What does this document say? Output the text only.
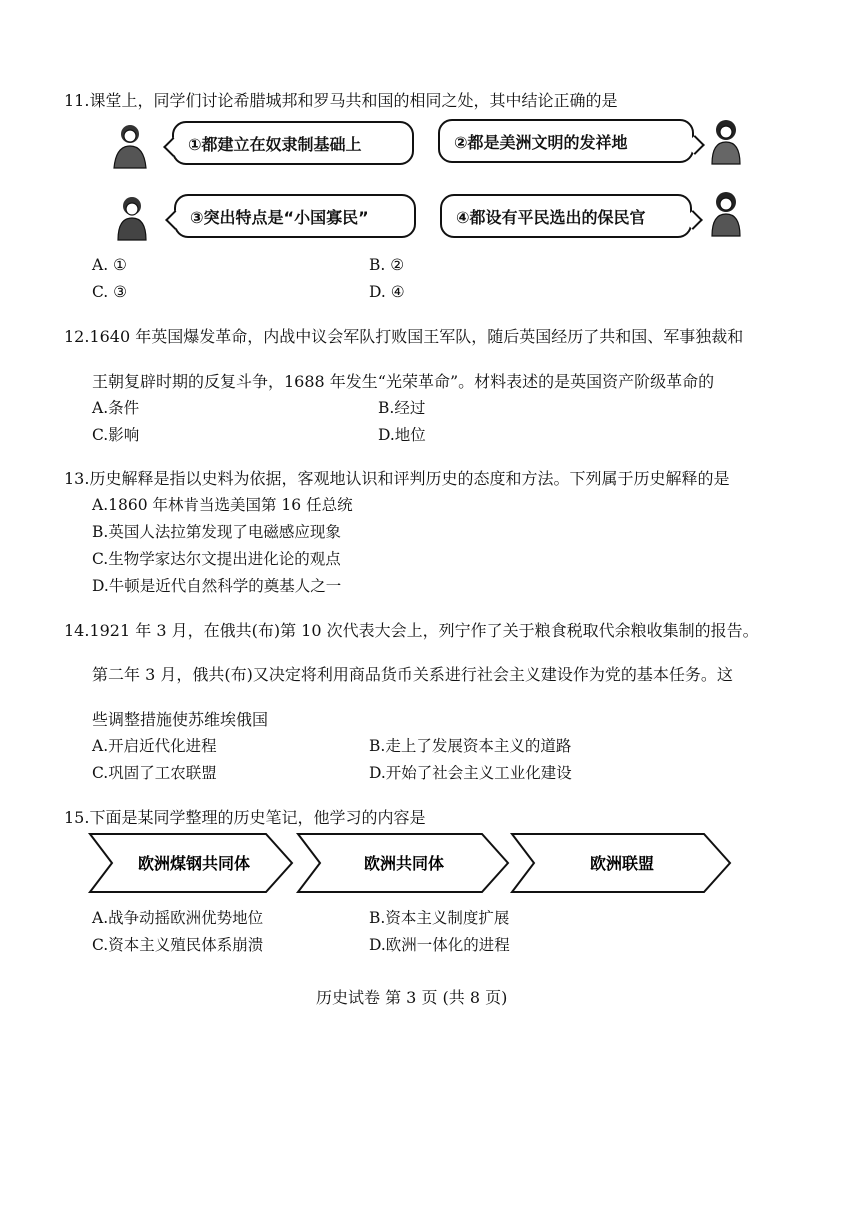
11.课堂上，同学们讨论希腊城邦和罗马共和国的相同之处，其中结论正确的是
①都建立在奴隶制基础上	②都是美洲文明的发祥地
③突出特点是“小国寡民”	④都设有平民选出的保民官
A. ①	B. ②
C. ③	D. ④
12.1640 年英国爆发革命，内战中议会军队打败国王军队，随后英国经历了共和国、军事独裁和
王朝复辟时期的反复斗争，1688 年发生“光荣革命”。材料表述的是英国资产阶级革命的
A.条件	B.经过
C.影响	D.地位
13.历史解释是指以史料为依据，客观地认识和评判历史的态度和方法。下列属于历史解释的是
A.1860 年林肯当选美国第 16 任总统
B.英国人法拉第发现了电磁感应现象
C.生物学家达尔文提出进化论的观点
D.牛顿是近代自然科学的奠基人之一
14.1921 年 3 月，在俄共(布)第 10 次代表大会上，列宁作了关于粮食税取代余粮收集制的报告。
第二年 3 月，俄共(布)又决定将利用商品货币关系进行社会主义建设作为党的基本任务。这
些调整措施使苏维埃俄国
A.开启近代化进程	B.走上了发展资本主义的道路
C.巩固了工农联盟	D.开始了社会主义工业化建设
15.下面是某同学整理的历史笔记，他学习的内容是
欧洲煤钢共同体	欧洲共同体	欧洲联盟
A.战争动摇欧洲优势地位	B.资本主义制度扩展
C.资本主义殖民体系崩溃	D.欧洲一体化的进程
历史试卷 第 3 页 (共 8 页)
